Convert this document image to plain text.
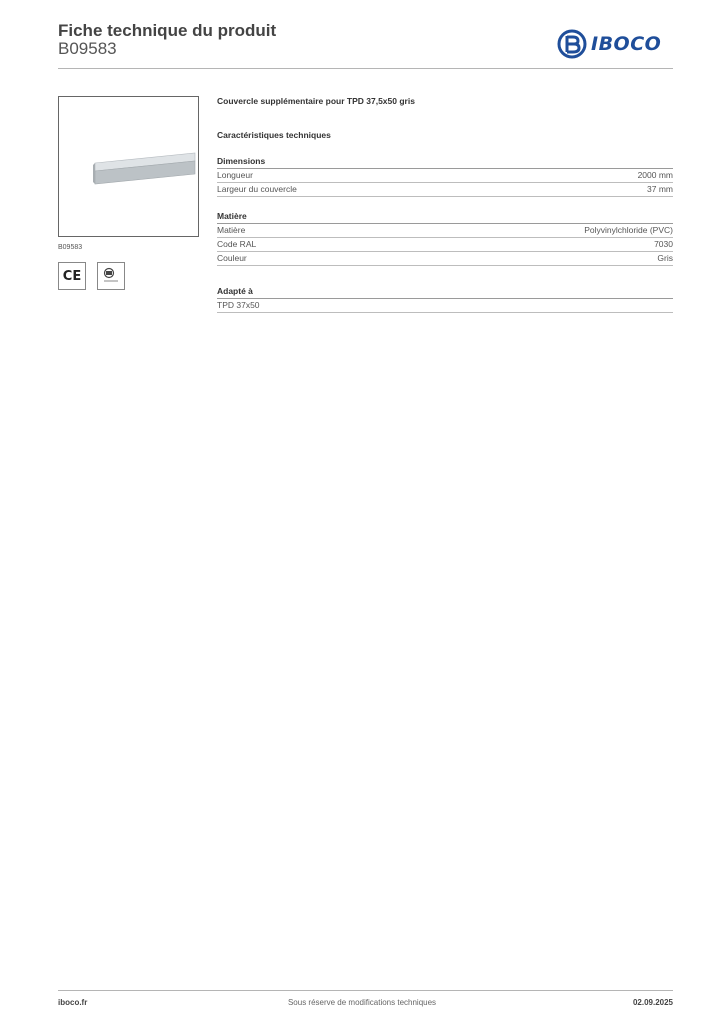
Fiche technique du produit
B09583	IBOCO
B09583
CE
Couvercle supplémentaire pour TPD 37,5x50 gris
Caractéristiques techniques
Dimensions
Longueur	2000 mm
Largeur du couvercle	37 mm
Matière
Matière	Polyvinylchloride (PVC)
Code RAL	7030
Couleur	Gris
Adapté à
TPD 37x50
iboco.fr	Sous réserve de modifications techniques	02.09.2025
